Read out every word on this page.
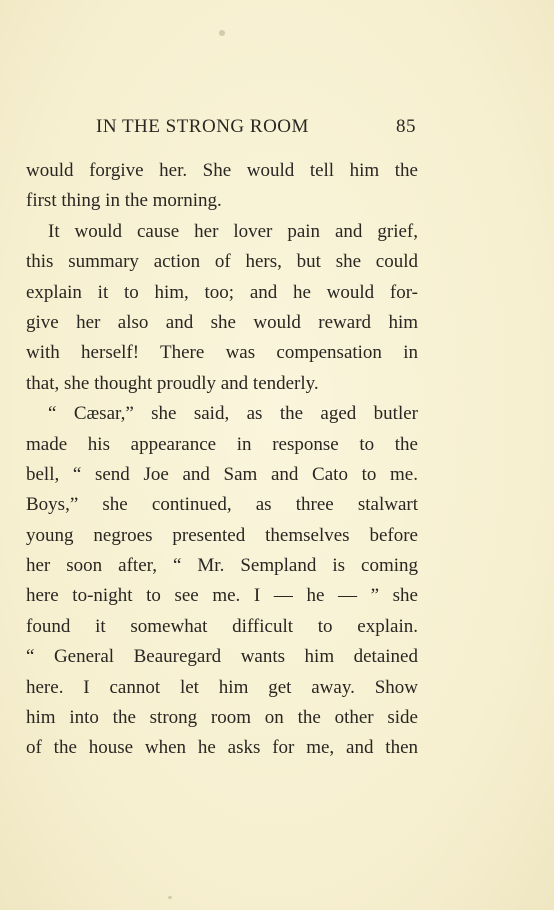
IN THE STRONG ROOM	85
would forgive her. She would tell him the
first thing in the morning.
It would cause her lover pain and grief,
this summary action of hers, but she could
explain it to him, too; and he would for-
give her also and she would reward him
with herself! There was compensation in
that, she thought proudly and tenderly.
“ Cæsar,” she said, as the aged butler
made his appearance in response to the
bell, “ send Joe and Sam and Cato to me.
Boys,” she continued, as three stalwart
young negroes presented themselves before
her soon after, “ Mr. Sempland is coming
here to-night to see me. I — he — ” she
found it somewhat difficult to explain.
“ General Beauregard wants him detained
here. I cannot let him get away. Show
him into the strong room on the other side
of the house when he asks for me, and then
